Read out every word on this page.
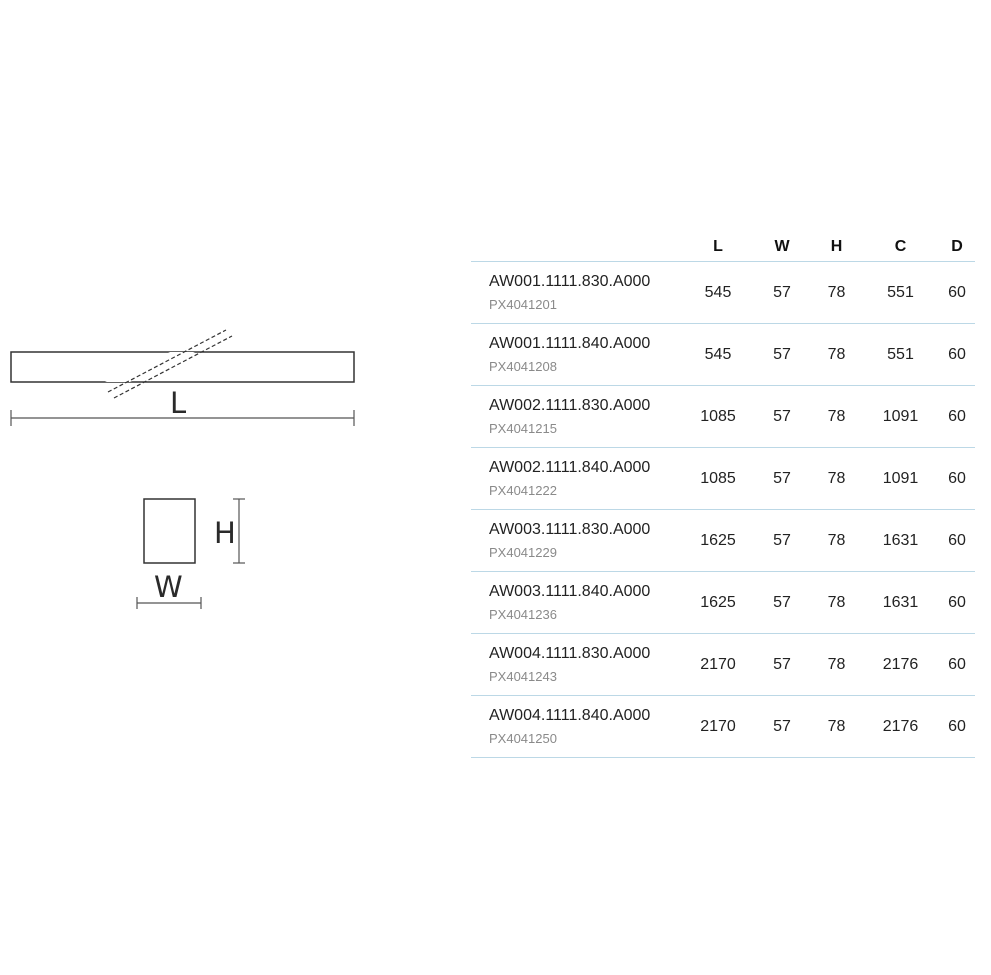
L
H
W
	L	W	H	C	D

AW001.1111.830.A000
PX4041201	545	57	78	551	60

AW001.1111.840.A000
PX4041208	545	57	78	551	60

AW002.1111.830.A000
PX4041215	1085	57	78	1091	60

AW002.1111.840.A000
PX4041222	1085	57	78	1091	60

AW003.1111.830.A000
PX4041229	1625	57	78	1631	60

AW003.1111.840.A000
PX4041236	1625	57	78	1631	60

AW004.1111.830.A000
PX4041243	2170	57	78	2176	60

AW004.1111.840.A000
PX4041250	2170	57	78	2176	60
